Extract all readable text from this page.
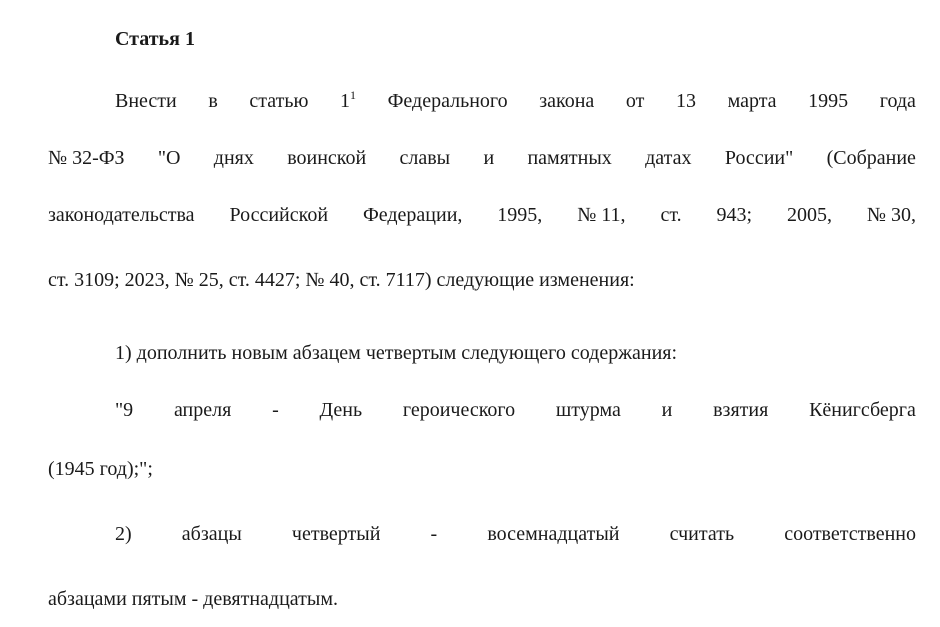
Статья 1
Внести в статью $1^1$ Федерального закона от 13 марта 1995 года
№ 32-ФЗ "О днях воинской славы и памятных датах России" (Собрание
законодательства Российской Федерации, 1995, № 11, ст. 943; 2005, № 30,
ст. 3109; 2023, № 25, ст. 4427; № 40, ст. 7117) следующие изменения:
1) дополнить новым абзацем четвертым следующего содержания:
"9 апреля - День героического штурма и взятия Кёнигсберга
(1945 год);";
2)	абзацы	четвертый	-	восемнадцатый	считать	соответственно
абзацами пятым - девятнадцатым.
